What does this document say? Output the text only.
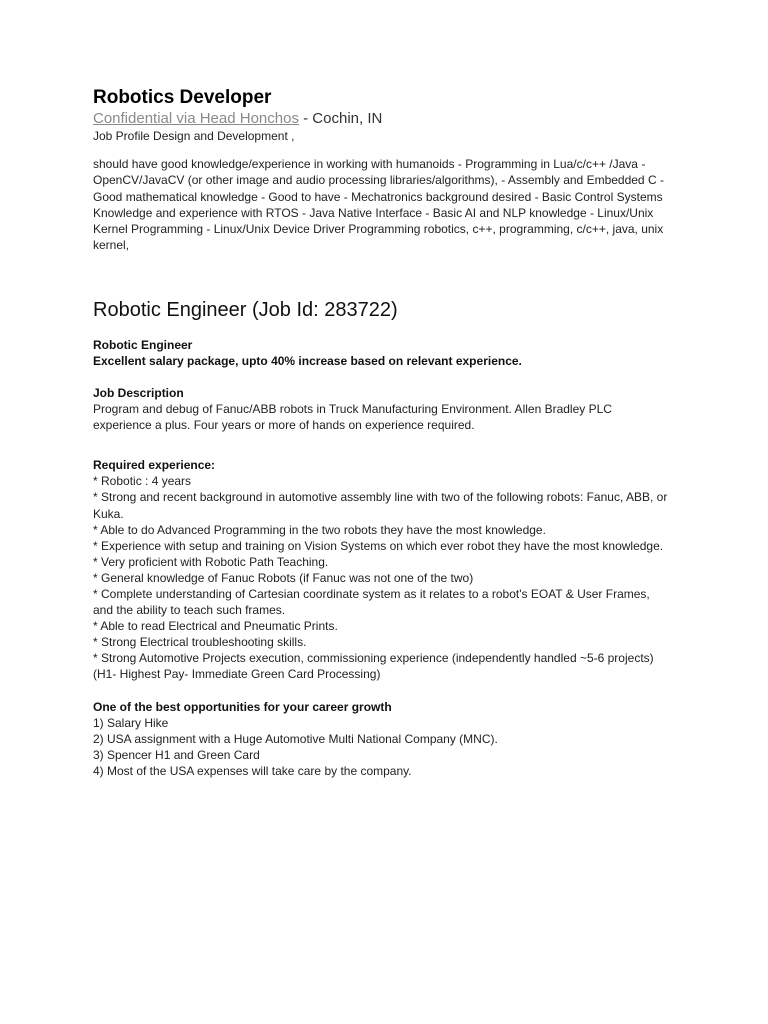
Robotics Developer

Confidential via Head Honchos - Cochin, IN

Job Profile Design and Development ,

should have good knowledge/experience in working with humanoids - Programming in Lua/c/c++ /Java - OpenCV/JavaCV (or other image and audio processing libraries/algorithms), - Assembly and Embedded C - Good mathematical knowledge - Good to have - Mechatronics background desired - Basic Control Systems Knowledge and experience with RTOS - Java Native Interface - Basic AI and NLP knowledge - Linux/Unix Kernel Programming - Linux/Unix Device Driver Programming robotics, c++, programming, c/c++, java, unix kernel,

Robotic Engineer (Job Id: 283722)

Robotic Engineer

Excellent salary package, upto 40% increase based on relevant experience.

Job Description

Program and debug of Fanuc/ABB robots in Truck Manufacturing Environment. Allen Bradley PLC experience a plus. Four years or more of hands on experience required.

Required experience:

* Robotic : 4 years
* Strong and recent background in automotive assembly line with two of the following robots: Fanuc, ABB, or Kuka.
* Able to do Advanced Programming in the two robots they have the most knowledge.
* Experience with setup and training on Vision Systems on which ever robot they have the most knowledge.
* Very proficient with Robotic Path Teaching.
* General knowledge of Fanuc Robots (if Fanuc was not one of the two)
* Complete understanding of Cartesian coordinate system as it relates to a robot's EOAT & User Frames, and the ability to teach such frames.
* Able to read Electrical and Pneumatic Prints.
* Strong Electrical troubleshooting skills.
* Strong Automotive Projects execution, commissioning experience (independently handled ~5-6 projects)
(H1- Highest Pay- Immediate Green Card Processing)

One of the best opportunities for your career growth

1) Salary Hike
2) USA assignment with a Huge Automotive Multi National Company (MNC).
3) Spencer H1 and Green Card
4) Most of the USA expenses will take care by the company.
